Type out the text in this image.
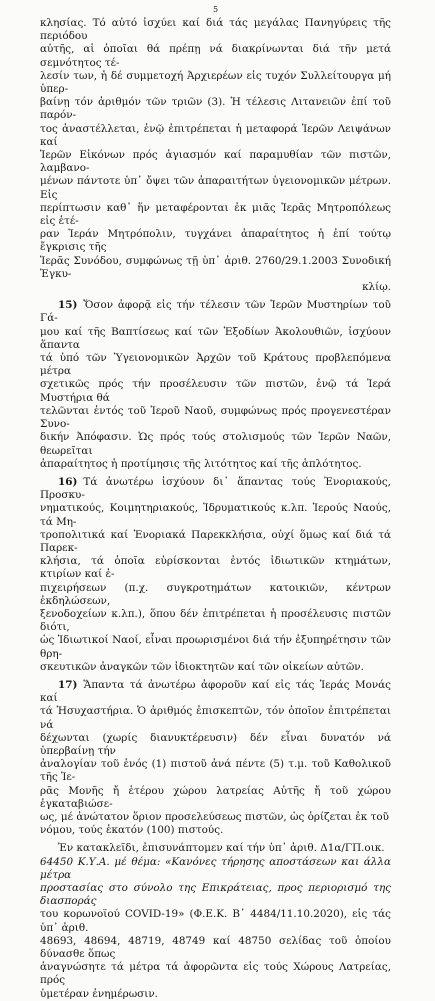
5

κλησίας. Τό αὐτό ἰσχύει καί διά τάς μεγάλας Πανηγύρεις τῆς περιόδου

αὐτῆς, αἱ ὁποῖαι θά πρέπῃ νά διακρίνωνται διά τῆν μετά σεμνότητος τέ-

λεσίν των, ἡ δέ συμμετοχή Ἀρχιερέων εἰς τυχόν Συλλείτουργα μή ὑπερ-

βαίνῃ τόν ἀριθμόν τῶν τριῶν (3). Ἡ τέλεσις Λιτανειῶν ἐπί τοῦ παρόν-

τος ἀναστέλλεται, ἐνῷ ἐπιτρέπεται ἡ μεταφορά Ἱερῶν Λειψάνων καί

Ἱερῶν Εἰκόνων πρός ἁγιασμόν καί παραμυθίαν τῶν πιστῶν, λαμβανο-

μένων πάντοτε ὑπ᾽ ὄψει τῶν ἀπαραιτήτων ὑγειονομικῶν μέτρων. Εἰς

περίπτωσιν καθ᾽ ἥν μεταφέρονται ἐκ μιᾶς Ἱερᾶς Μητροπόλεως εἰς ἑτέ-

ραν Ἱεράν Μητρόπολιν, τυγχάνει ἀπαραίτητος ἡ ἐπί τούτῳ ἔγκρισις τῆς

Ἱερᾶς Συνόδου, συμφώνως τῇ ὑπ᾽ ἀριθ. 2760/29.1.2003 Συνοδική Ἐγκυ-

κλίῳ.

15) Ὅσον ἀφορᾷ εἰς τήν τέλεσιν τῶν Ἱερῶν Μυστηρίων τοῦ Γά-

μου καί τῆς Βαπτίσεως καί τῶν Ἐξοδίων Ἀκολουθιῶν, ἰσχύουν ἅπαντα

τά ὑπό τῶν Ὑγειονομικῶν Ἀρχῶν τοῦ Κράτους προβλεπόμενα μέτρα

σχετικῶς πρός τήν προσέλευσιν τῶν πιστῶν, ἐνῷ τά Ἱερά Μυστήρια θά

τελῶνται ἐντός τοῦ Ἱεροῦ Ναοῦ, συμφώνως πρός προγενεστέραν Συνο-

δικήν Ἀπόφασιν. Ὡς πρός τούς στολισμούς τῶν Ἱερῶν Ναῶν, θεωρεῖται

ἀπαραίτητος ἡ προτίμησις τῆς λιτότητος καί τῆς ἁπλότητος.

16) Τά ἀνωτέρω ἰσχύουν δι᾽ ἅπαντας τούς Ἐνοριακούς, Προσκυ-

νηματικούς, Κοιμητηριακούς, Ἱδρυματικούς κ.λπ. Ἱερούς Ναούς, τά Μη-

τροπολιτικά καί Ἐνοριακά Παρεκκλήσια, οὐχί ὅμως καί διά τά Παρεκ-

κλήσια, τά ὁποῖα εὑρίσκονται ἐντός ἰδιωτικῶν κτημάτων, κτιρίων καί ἐ-

πιχειρήσεων (π.χ. συγκροτημάτων κατοικιῶν, κέντρων ἐκδηλώσεων,

ξενοδοχείων κ.λπ.), ὅπου δέν ἐπιτρέπεται ἡ προσέλευσις πιστῶν διότι,

ὡς Ἰδιωτικοί Ναοί, εἶναι προωρισμένοι διά τήν ἐξυπηρέτησιν τῶν θρη-

σκευτικῶν ἀναγκῶν τῶν ἰδιοκτητῶν καί τῶν οἰκείων αὐτῶν.

17) Ἅπαντα τά ἀνωτέρω ἀφοροῦν καί εἰς τάς Ἱεράς Μονάς καί

τά Ἡσυχαστήρια. Ὁ ἀριθμός ἐπισκεπτῶν, τόν ὁποῖον ἐπιτρέπεται νά

δέχωνται (χωρίς διανυκτέρευσιν) δέν εἶναι δυνατόν νά ὑπερβαίνῃ τήν

ἀναλογίαν τοῦ ἑνός (1) πιστοῦ ἀνά πέντε (5) τ.μ. τοῦ Καθολικοῦ τῆς Ἱε-

ρᾶς Μονῆς ἤ ἑτέρου χώρου λατρείας Αὐτῆς ἤ τοῦ χώρου ἐγκαταβιώσε-

ως, μέ ἀνώτατον ὅριον προσελεύσεως πιστῶν, ὡς ὁρίζεται ἐκ τοῦ

νόμου, τούς ἑκατόν (100) πιστούς.

Ἐν κατακλεῖδι, ἐπισυνάπτομεν καί τήν ὑπ᾽ ἀριθ. Δ1α/ΓΠ.οικ.

64450 Κ.Υ.Α. μέ θέμα: «Κανόνες τήρησης αποστάσεων και άλλα μέτρα

προστασίας στο σύνολο της Επικράτειας, προς περιορισμό της διασποράς

του κορωνοϊού COVID-19» (Φ.Ε.Κ. Β᾽ 4484/11.10.2020), εἰς τάς ὑπ᾽ ἀριθ.

48693, 48694, 48719, 48749 καί 48750 σελίδας τοῦ ὁποίου δύνασθε ὅπως

ἀναγνώσητε τά μέτρα τά ἀφορῶντα εἰς τούς Χώρους Λατρείας, πρός

ὑμετέραν ἐνημέρωσιν.
